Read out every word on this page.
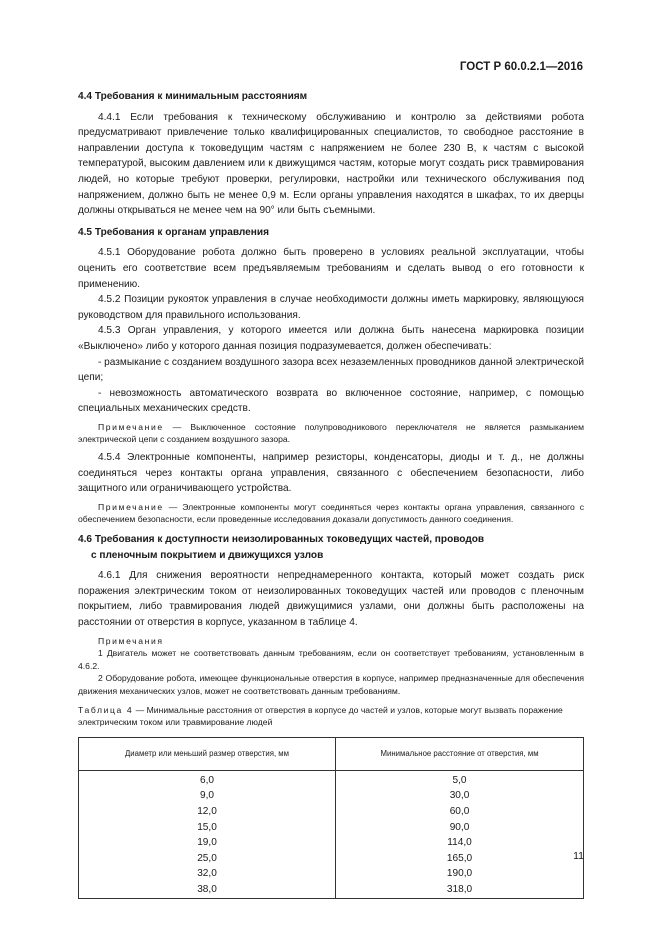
ГОСТ Р 60.0.2.1—2016

4.4 Требования к минимальным расстояниям

4.4.1 Если требования к техническому обслуживанию и контролю за действиями робота предусматривают привлечение только квалифицированных специалистов, то свободное расстояние в направлении доступа к токоведущим частям с напряжением не более 230 В, к частям с высокой температурой, высоким давлением или к движущимся частям, которые могут создать риск травмирования людей, но которые требуют проверки, регулировки, настройки или технического обслуживания под напряжением, должно быть не менее 0,9 м. Если органы управления находятся в шкафах, то их дверцы должны открываться не менее чем на 90° или быть съемными.

4.5 Требования к органам управления

4.5.1 Оборудование робота должно быть проверено в условиях реальной эксплуатации, чтобы оценить его соответствие всем предъявляемым требованиям и сделать вывод о его готовности к применению.

4.5.2 Позиции рукояток управления в случае необходимости должны иметь маркировку, являющуюся руководством для правильного использования.

4.5.3 Орган управления, у которого имеется или должна быть нанесена маркировка позиции «Выключено» либо у которого данная позиция подразумевается, должен обеспечивать:

- размыкание с созданием воздушного зазора всех незаземленных проводников данной электрической цепи;

- невозможность автоматического возврата во включенное состояние, например, с помощью специальных механических средств.

Примечание — Выключенное состояние полупроводникового переключателя не является размыканием электрической цепи с созданием воздушного зазора.

4.5.4 Электронные компоненты, например резисторы, конденсаторы, диоды и т. д., не должны соединяться через контакты органа управления, связанного с обеспечением безопасности, либо защитного или ограничивающего устройства.

Примечание — Электронные компоненты могут соединяться через контакты органа управления, связанного с обеспечением безопасности, если проведенные исследования доказали допустимость данного соединения.

4.6 Требования к доступности неизолированных токоведущих частей, проводов
с пленочным покрытием и движущихся узлов

4.6.1 Для снижения вероятности непреднамеренного контакта, который может создать риск поражения электрическим током от неизолированных токоведущих частей или проводов с пленочным покрытием, либо травмирования людей движущимися узлами, они должны быть расположены на расстоянии от отверстия в корпусе, указанном в таблице 4.

Примечания

1 Двигатель может не соответствовать данным требованиям, если он соответствует требованиям, установленным в 4.6.2.

2 Оборудование робота, имеющее функциональные отверстия в корпусе, например предназначенные для обеспечения движения механических узлов, может не соответствовать данным требованиям.

Таблица 4 — Минимальные расстояния от отверстия в корпусе до частей и узлов, которые могут вызвать поражение электрическим током или травмирование людей

Диаметр или меньший размер отверстия, мм	Минимальное расстояние от отверстия, мм
6,0	5,0
9,0	30,0
12,0	60,0
15,0	90,0
19,0	114,0
25,0	165,0
32,0	190,0
38,0	318,0
11
